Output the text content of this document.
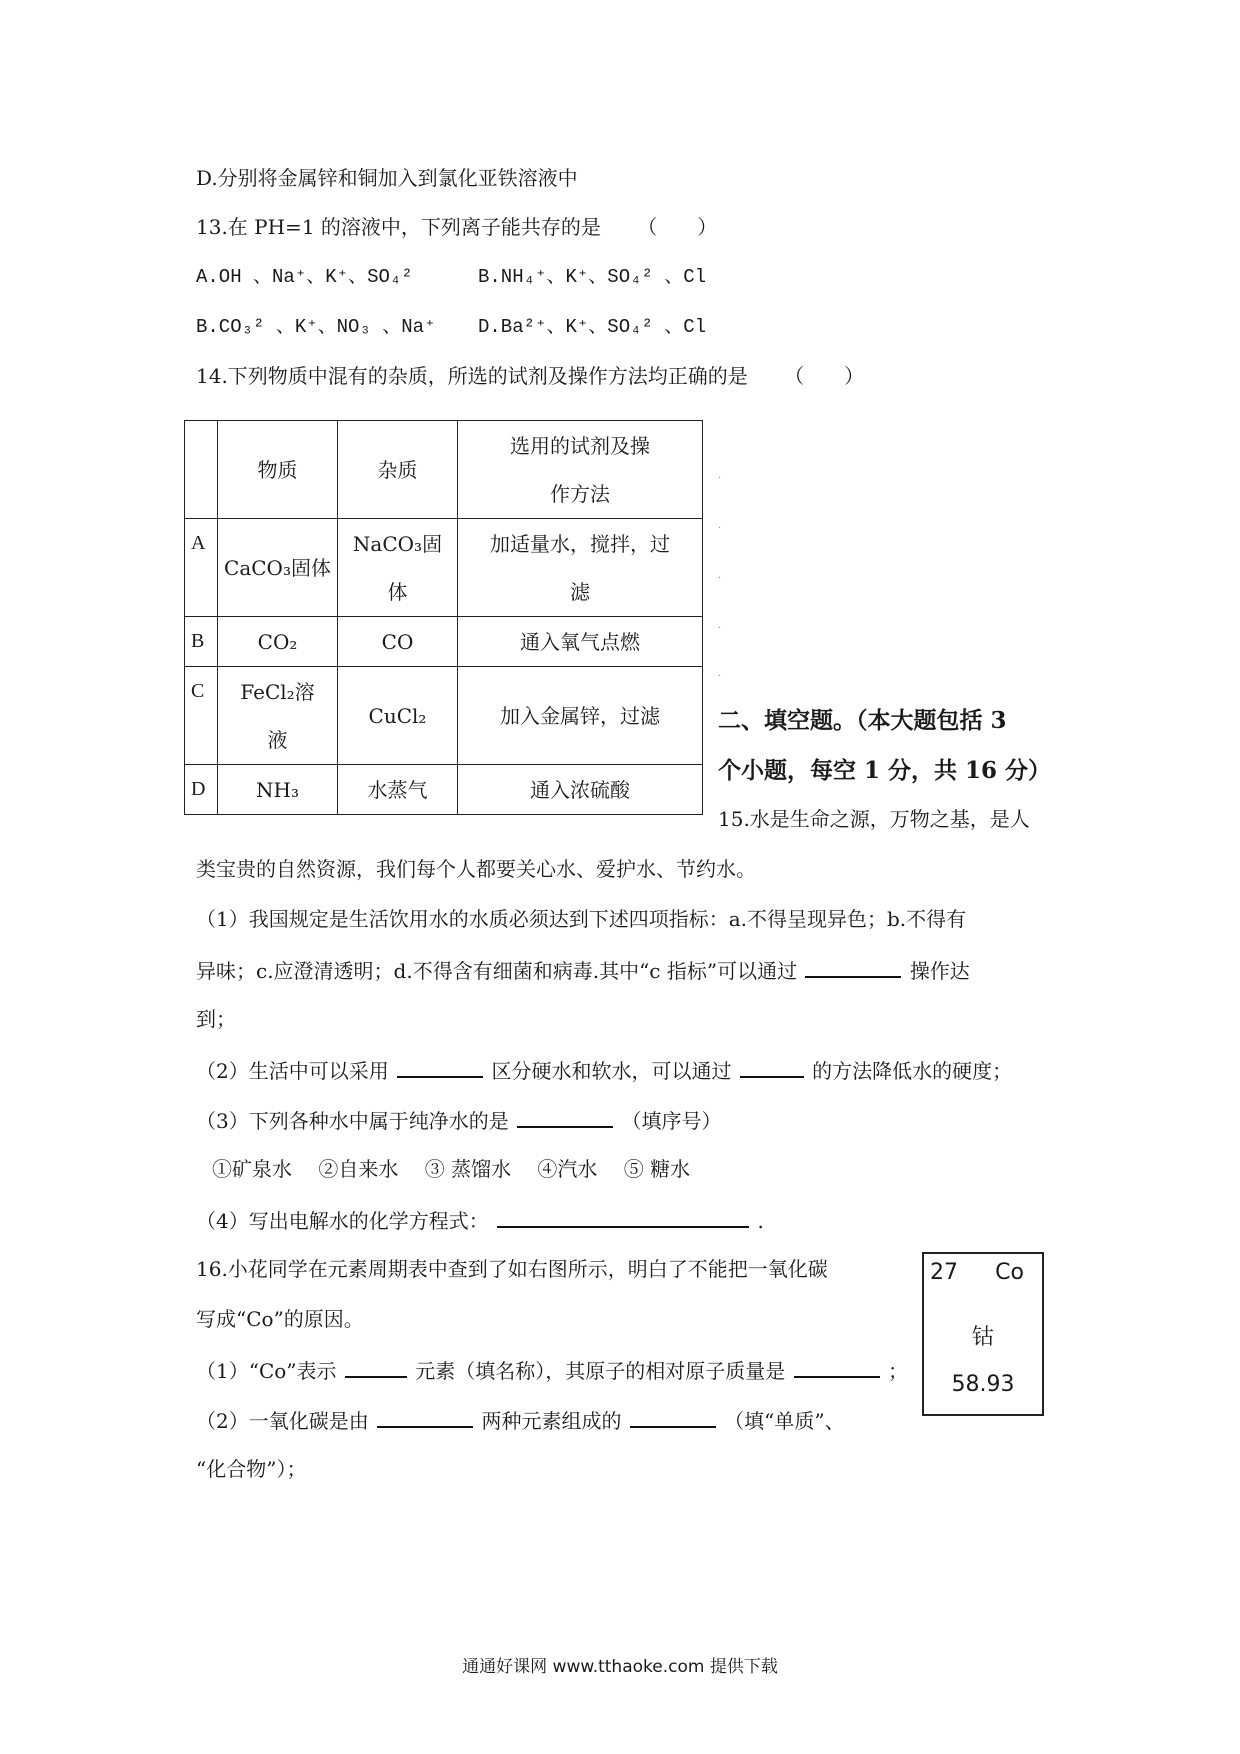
D.分别将金属锌和铜加入到氯化亚铁溶液中
13.在 PH=1 的溶液中，下列离子能共存的是 （　　）
A.OH 、Na⁺、K⁺、SO₄²	B.NH₄⁺、K⁺、SO₄² 、Cl
B.CO₃² 、K⁺、NO₃ 、Na⁺ D.Ba²⁺、K⁺、SO₄² 、Cl
14.下列物质中混有的杂质，所选的试剂及操作方法均正确的是 （　　）
	物质	杂质	选用的试剂及操
作方法

A	CaCO₃固体	NaCO₃固体	加适量水，搅拌，过
滤

B	CO₂	CO	通入氧气点燃
C	FeCl₂溶
液	CuCl₂	加入金属锌，过滤
D	NH₃	水蒸气	通入浓硫酸
.
.
.
.
.
二、填空题。（本大题包括 3
个小题，每空 1 分，共 16 分）
15.水是生命之源，万物之基，是人
类宝贵的自然资源，我们每个人都要关心水、爱护水、节约水。
（1）我国规定是生活饮用水的水质必须达到下述四项指标：a.不得呈现异色；b.不得有
异味；c.应澄清透明；d.不得含有细菌和病毒.其中“c 指标”可以通过	操作达
到；
（2）生活中可以采用	区分硬水和软水，可以通过	的方法降低水的硬度；
（3）下列各种水中属于纯净水的是	（填序号）
①矿泉水　 ②自来水　 ③ 蒸馏水　 ④汽水　 ⑤ 糖水
（4）写出电解水的化学方程式：	.
16.小花同学在元素周期表中查到了如右图所示，明白了不能把一氧化碳
写成“Co”的原因。
（1）“Co”表示	元素（填名称），其原子的相对原子质量是	；
（2）一氧化碳是由	两种元素组成的	（填“单质”、
“化合物”）；
27 Co
钴
58.93
通通好课网 www.tthaoke.com 提供下载
